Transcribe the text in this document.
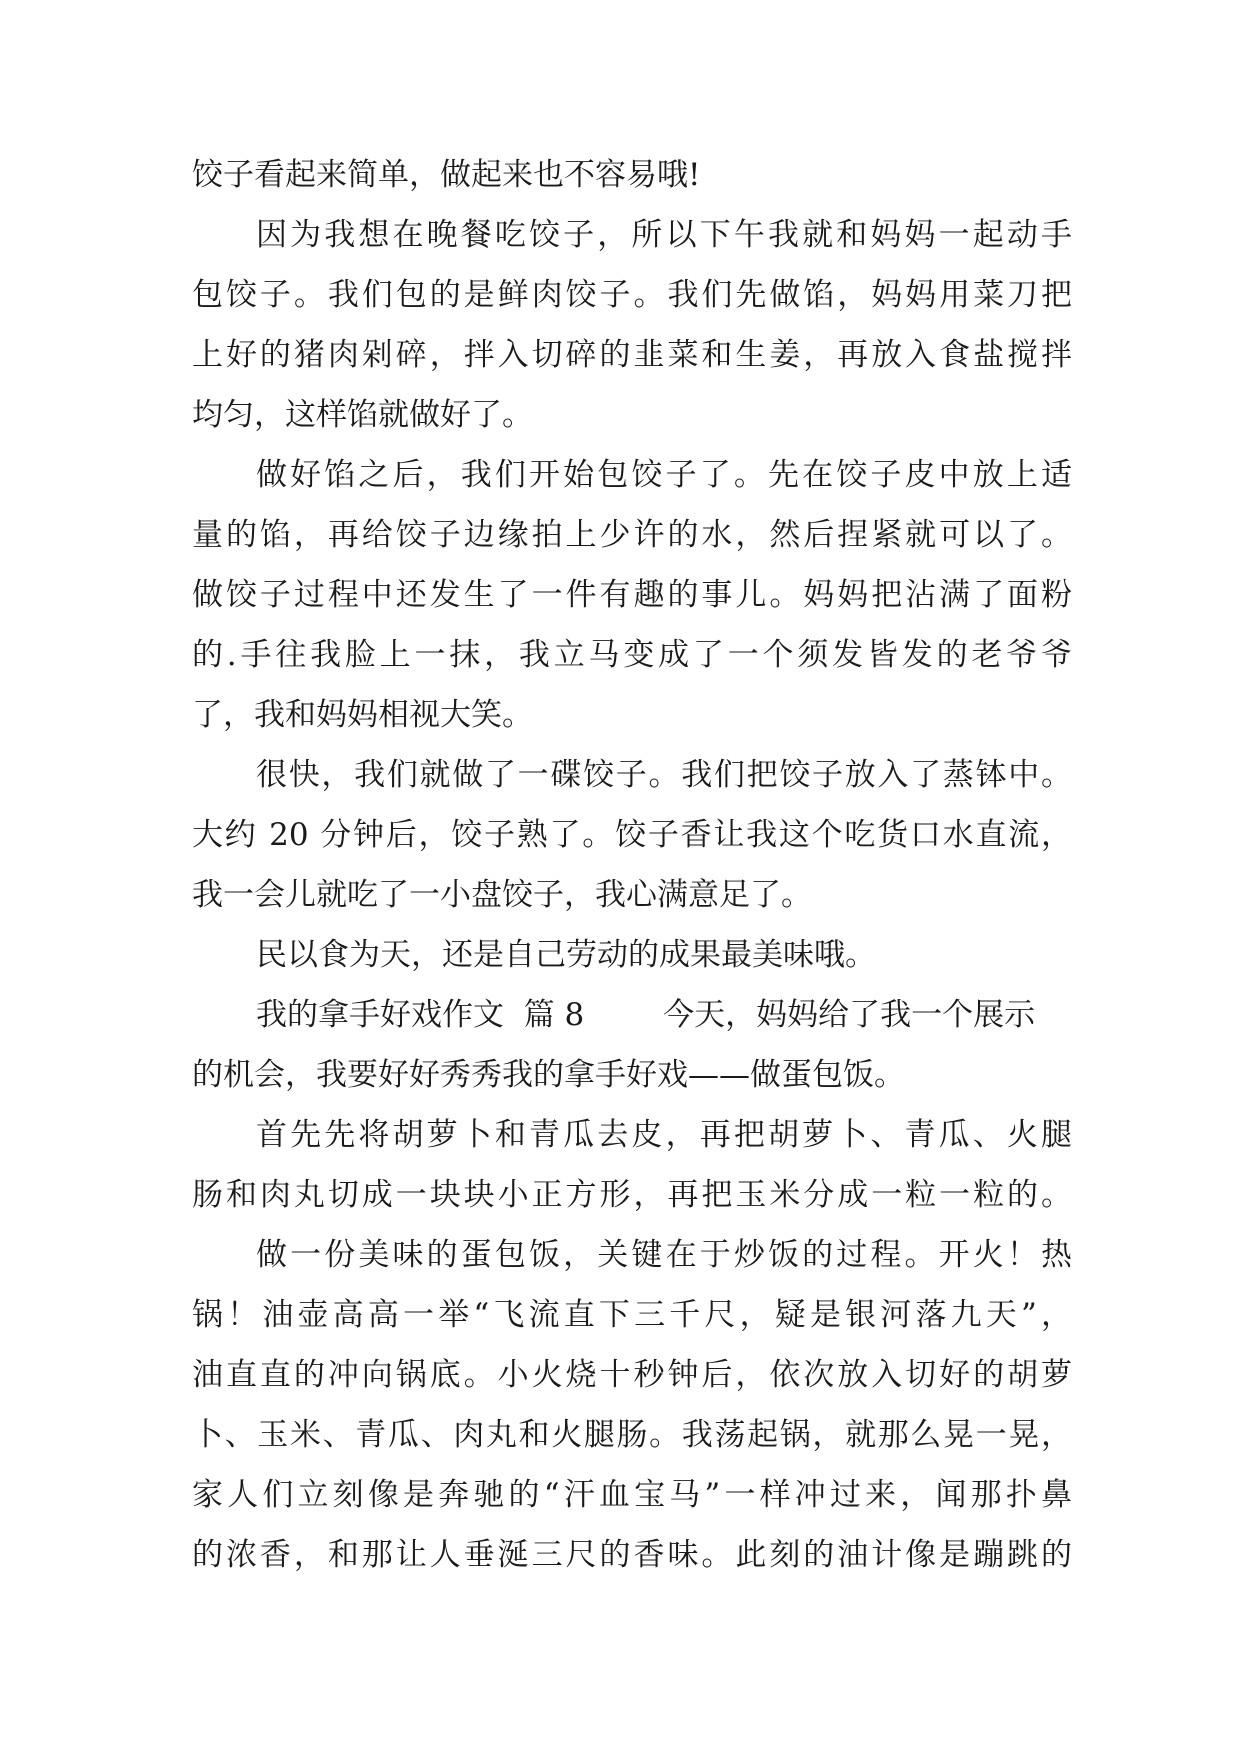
饺子看起来简单，做起来也不容易哦!
因为我想在晚餐吃饺子，所以下午我就和妈妈一起动手
包饺子。我们包的是鲜肉饺子。我们先做馅，妈妈用菜刀把
上好的猪肉剁碎，拌入切碎的韭菜和生姜，再放入食盐搅拌
均匀，这样馅就做好了。
做好馅之后，我们开始包饺子了。先在饺子皮中放上适
量的馅，再给饺子边缘拍上少许的水，然后捏紧就可以了。
做饺子过程中还发生了一件有趣的事儿。妈妈把沾满了面粉
的.手往我脸上一抹，我立马变成了一个须发皆发的老爷爷
了，我和妈妈相视大笑。
很快，我们就做了一碟饺子。我们把饺子放入了蒸钵中。
大约 20 分钟后，饺子熟了。饺子香让我这个吃货口水直流，
我一会儿就吃了一小盘饺子，我心满意足了。
民以食为天，还是自己劳动的成果最美味哦。
我的拿手好戏作文  篇 8        今天，妈妈给了我一个展示
的机会，我要好好秀秀我的拿手好戏——做蛋包饭。
首先先将胡萝卜和青瓜去皮，再把胡萝卜、青瓜、火腿
肠和肉丸切成一块块小正方形，再把玉米分成一粒一粒的。
做一份美味的蛋包饭，关键在于炒饭的过程。开火！热
锅！油壶高高一举“飞流直下三千尺，疑是银河落九天”，
油直直的冲向锅底。小火烧十秒钟后，依次放入切好的胡萝
卜、玉米、青瓜、肉丸和火腿肠。我荡起锅，就那么晃一晃，
家人们立刻像是奔驰的“汗血宝马”一样冲过来，闻那扑鼻
的浓香，和那让人垂涎三尺的香味。此刻的油计像是蹦跳的
